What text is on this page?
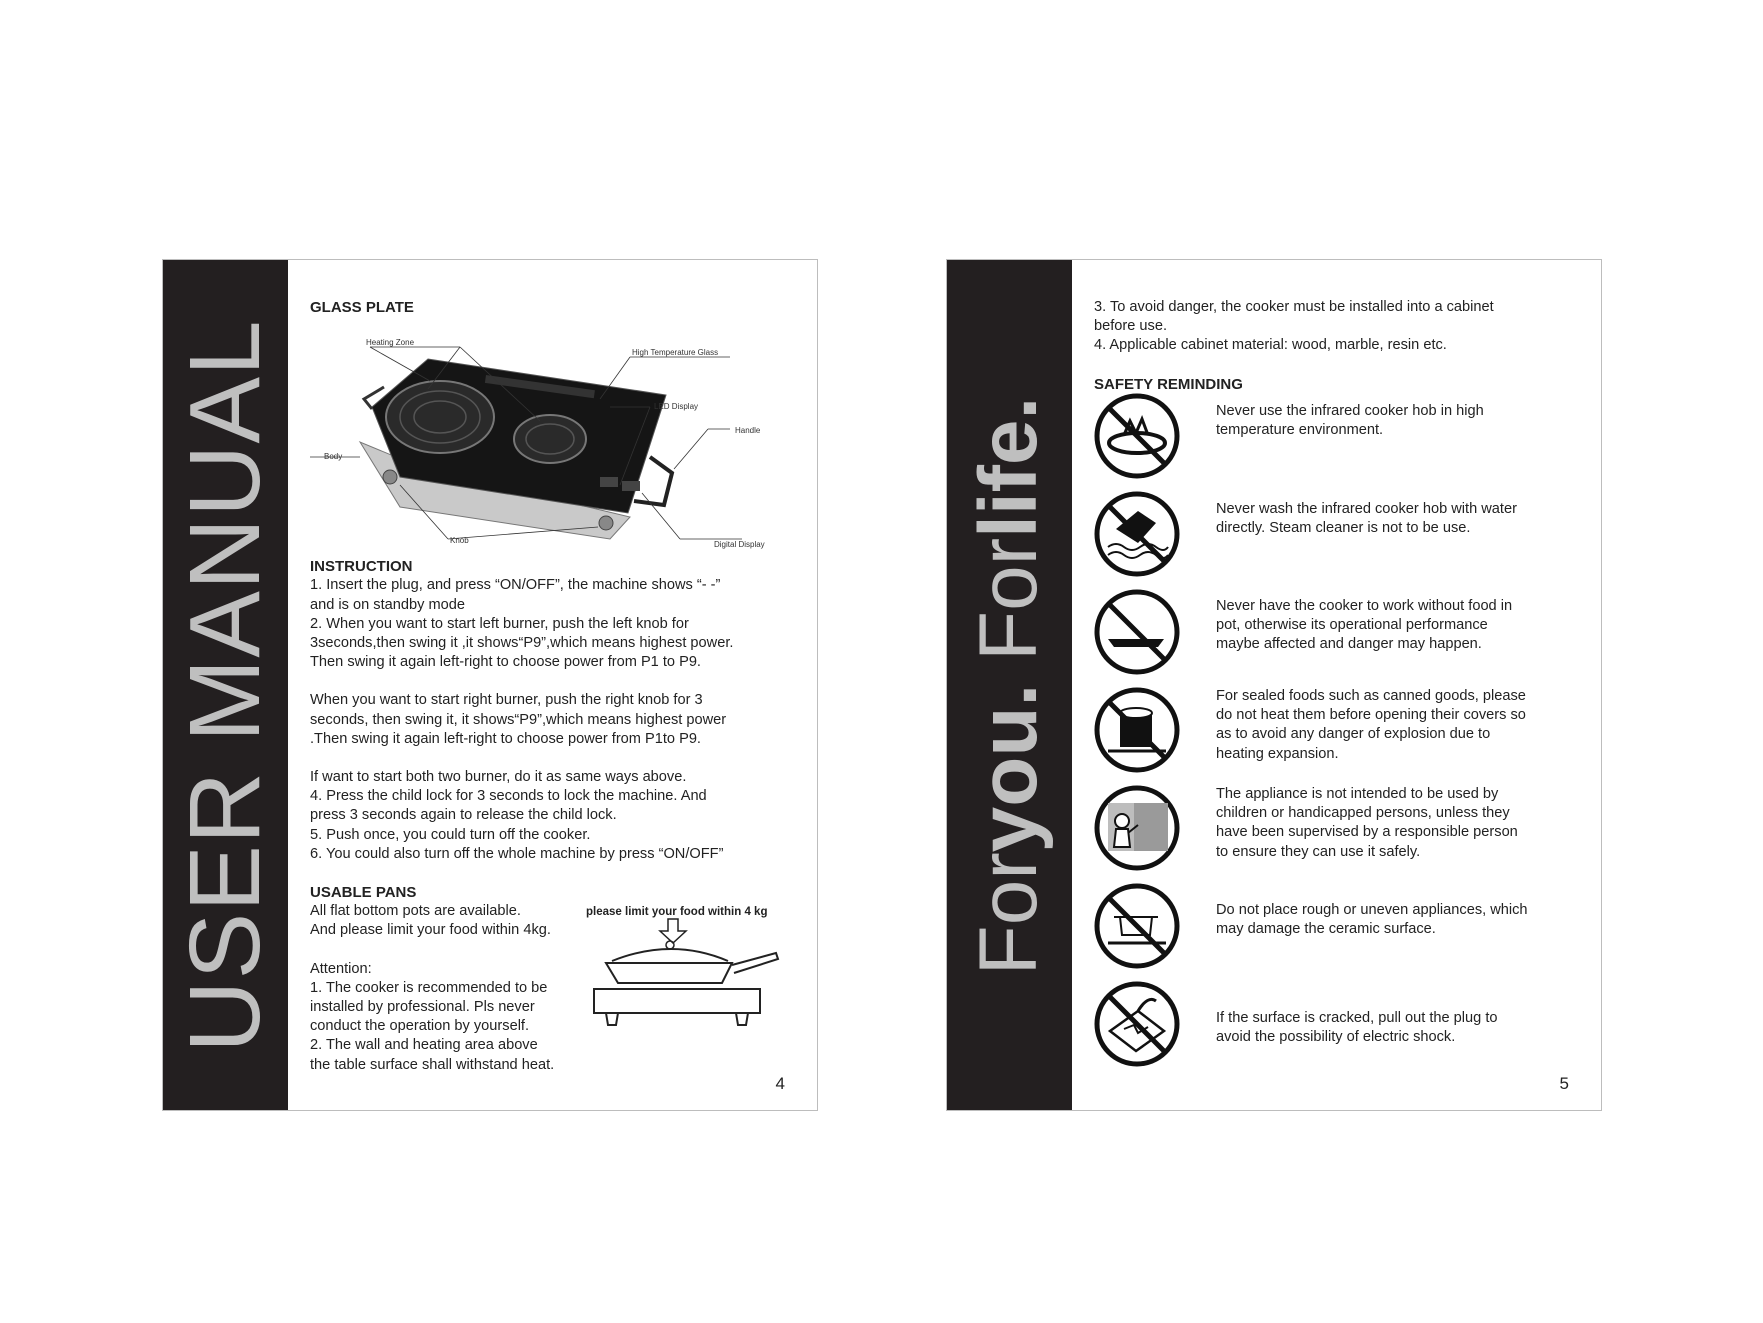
USER MANUAL

GLASS PLATE

Heating Zone
High Temperature Glass
LED Display
Handle
Body
Knob	Digital Display

INSTRUCTION

1. Insert the plug, and press “ON/OFF”, the machine shows “- -”

and is on standby mode

2. When you want to start left burner, push the left knob for

3seconds,then swing it ,it shows“P9”,which means highest power.

Then swing it again left-right to choose power from P1 to P9.

When you want to start right burner, push the right knob for 3

seconds, then swing it, it shows“P9”,which means highest power

.Then swing it again left-right to choose power from P1to P9.

If want to start both two burner, do it as same ways above.

4. Press the child lock for 3 seconds to lock the machine. And

press 3 seconds again to release the child lock.

5. Push once, you could turn off the cooker.

6. You could also turn off the whole machine by press “ON/OFF”

USABLE PANS

All flat bottom pots are available.

And please limit your food within 4kg.

Attention:

1. The cooker is recommended to be

installed by professional. Pls never

conduct the operation by yourself.

2. The wall and heating area above

the table surface shall withstand heat.

please limit your food within 4 kg
4
Foryou. Forlife.

3. To avoid danger, the cooker must be installed into a cabinet

before use.

4. Applicable cabinet material: wood, marble, resin etc.

SAFETY REMINDING

Never use the infrared cooker hob in high

temperature environment.

Never wash the infrared cooker hob with water

directly. Steam cleaner is not to be use.

Never have the cooker to work without food in

pot, otherwise its operational performance

maybe affected and danger may happen.

For sealed foods such as canned goods, please

do not heat them before opening their covers so

as to avoid any danger of explosion due to

heating expansion.

The appliance is not intended to be used by

children or handicapped persons, unless they

have been supervised by a responsible person

to ensure they can use it safely.

Do not place rough or uneven appliances, which

may damage the ceramic surface.

If the surface is cracked, pull out the plug to

avoid the possibility of electric shock.

5
